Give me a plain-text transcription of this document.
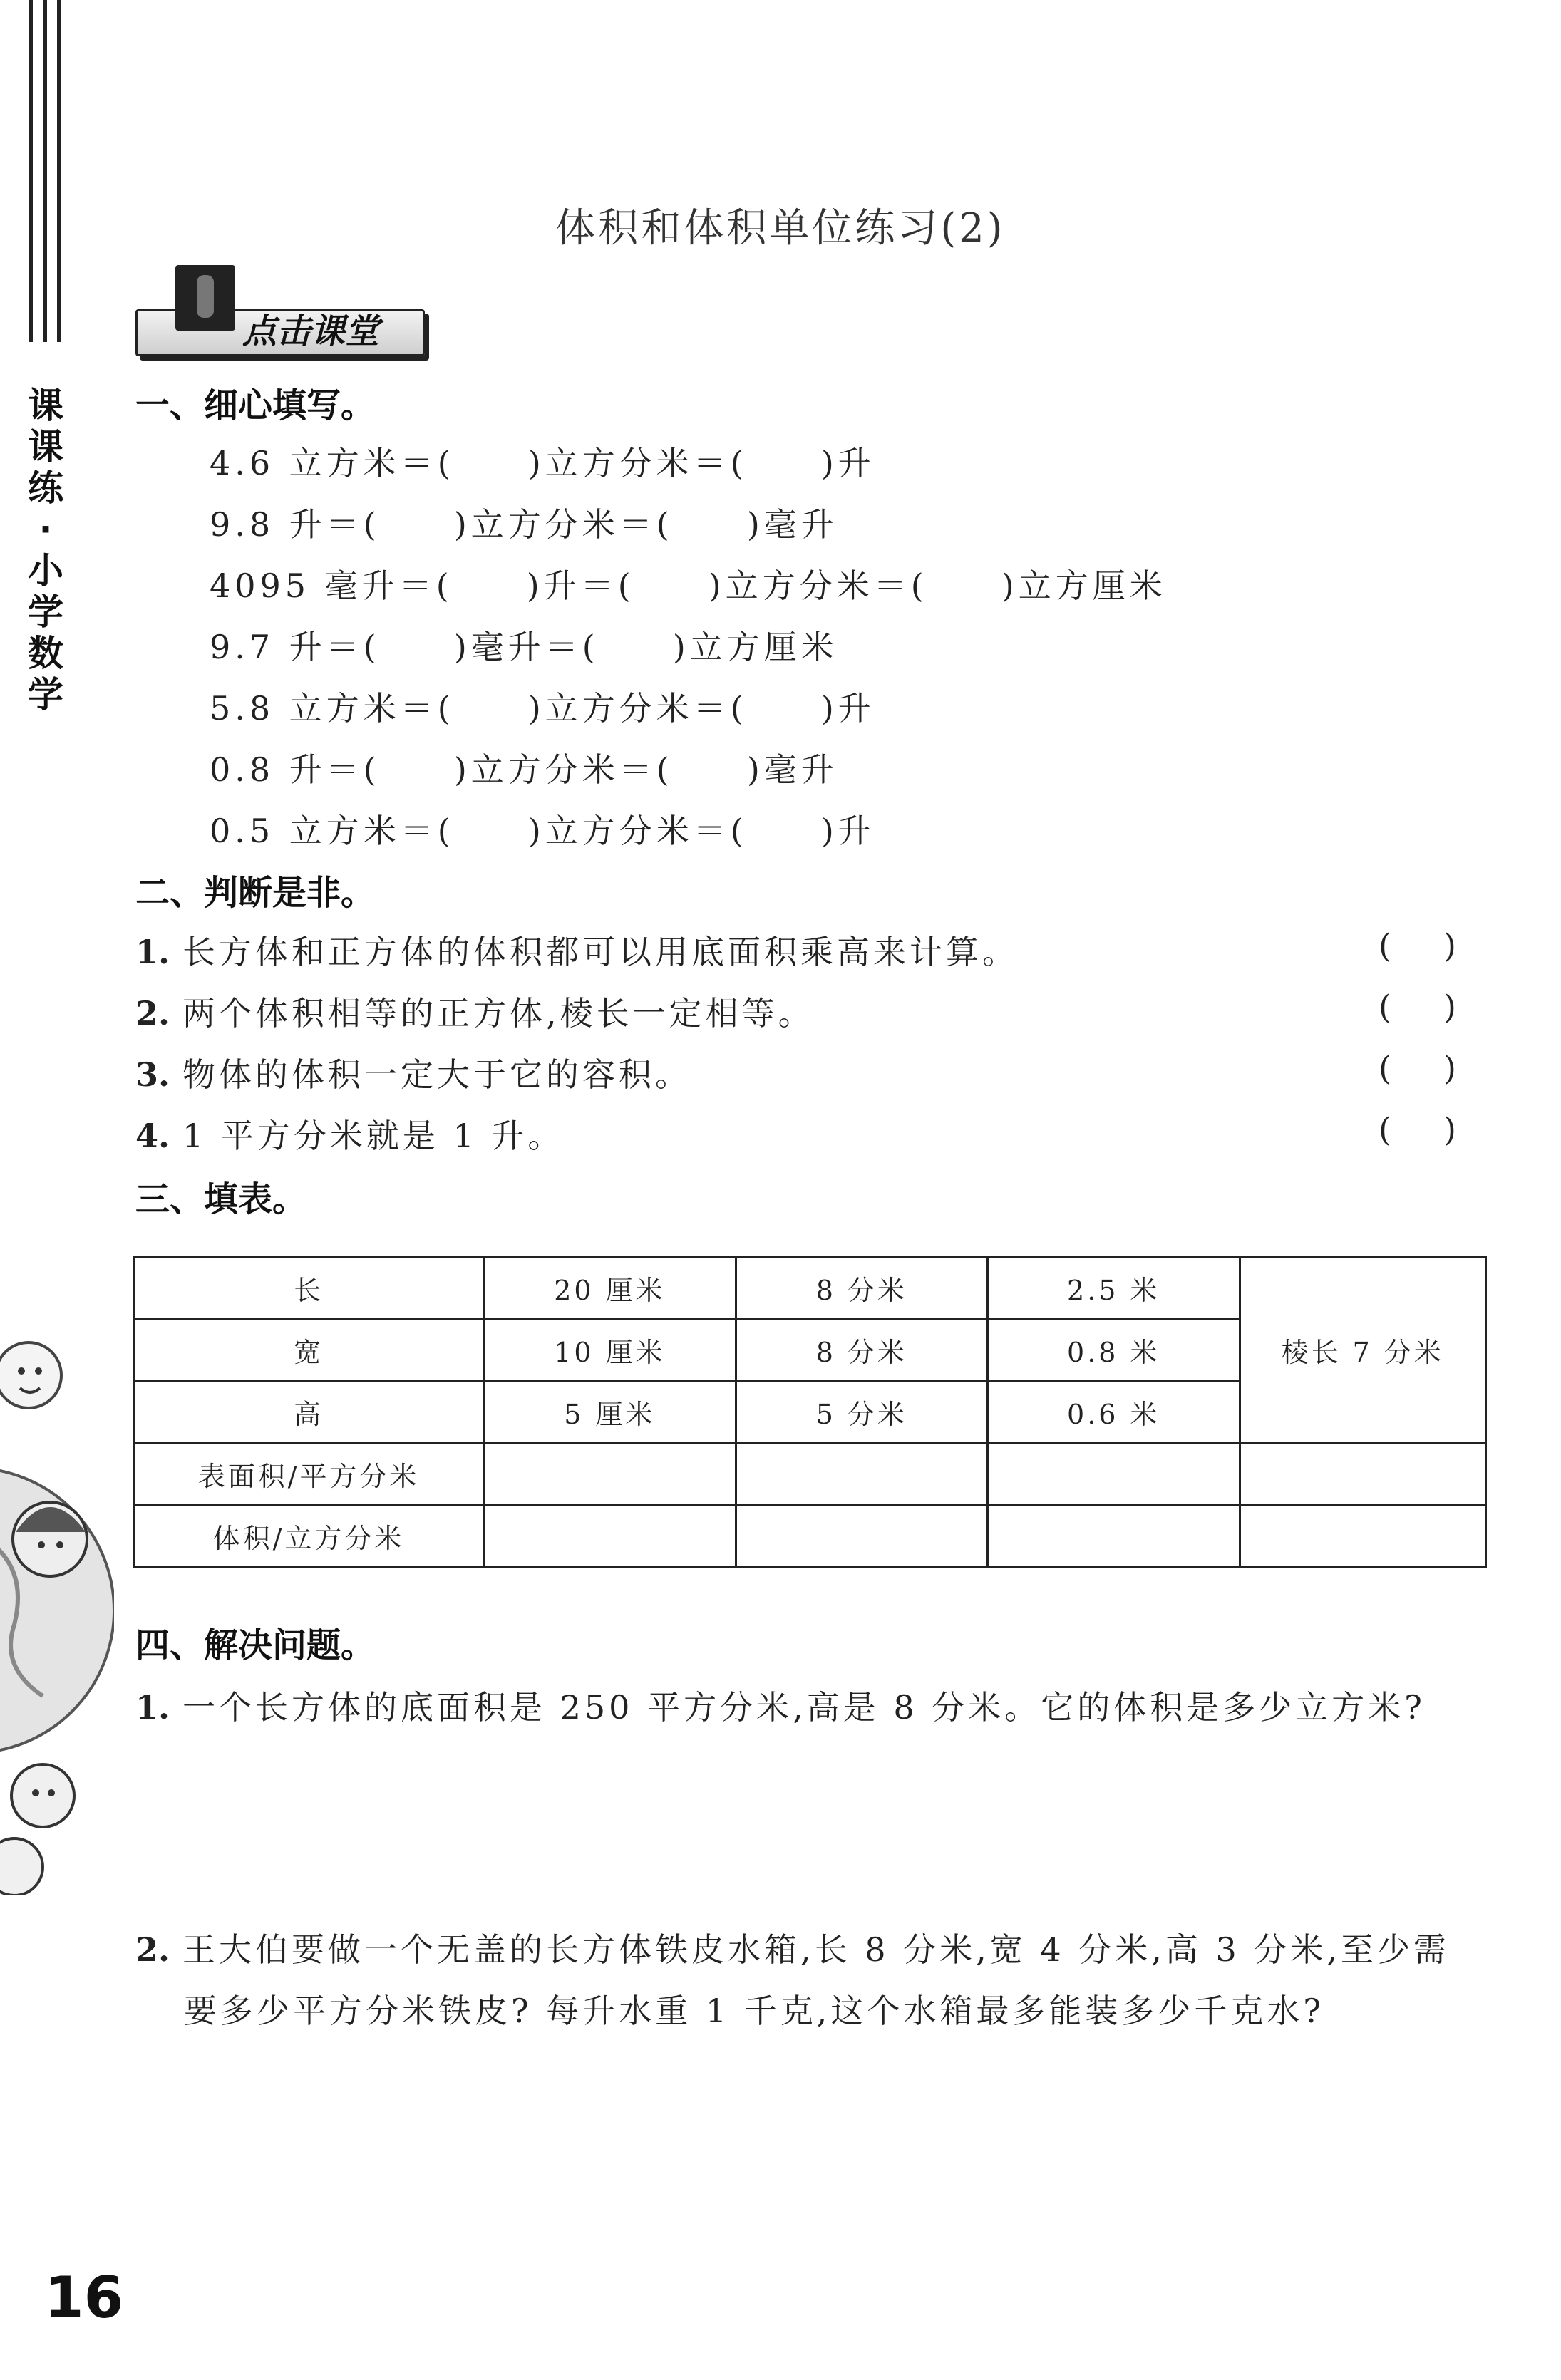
课
课
练
·
小
学
数
学
16
体积和体积单位练习(2)
点击课堂
一、细心填写。
4.6 立方米＝(     )立方分米＝(     )升
9.8 升＝(     )立方分米＝(     )毫升
4095 毫升＝(     )升＝(     )立方分米＝(     )立方厘米
9.7 升＝(     )毫升＝(     )立方厘米
5.8 立方米＝(     )立方分米＝(     )升
0.8 升＝(     )立方分米＝(     )毫升
0.5 立方米＝(     )立方分米＝(     )升
二、判断是非。
1. 长方体和正方体的体积都可以用底面积乘高来计算。	(     )
2. 两个体积相等的正方体,棱长一定相等。	(     )
3. 物体的体积一定大于它的容积。	(     )
4. 1 平方分米就是 1 升。	(     )
三、填表。
长	20 厘米	8 分米	2.5 米	棱长 7 分米
宽	10 厘米	8 分米	0.8 米	
高	5 厘米	5 分米	0.6 米	
表面积/平方分米				
体积/立方分米				
四、解决问题。
1. 一个长方体的底面积是 250 平方分米,高是 8 分米。它的体积是多少立方米?
2. 王大伯要做一个无盖的长方体铁皮水箱,长 8 分米,宽 4 分米,高 3 分米,至少需
要多少平方分米铁皮? 每升水重 1 千克,这个水箱最多能装多少千克水?
